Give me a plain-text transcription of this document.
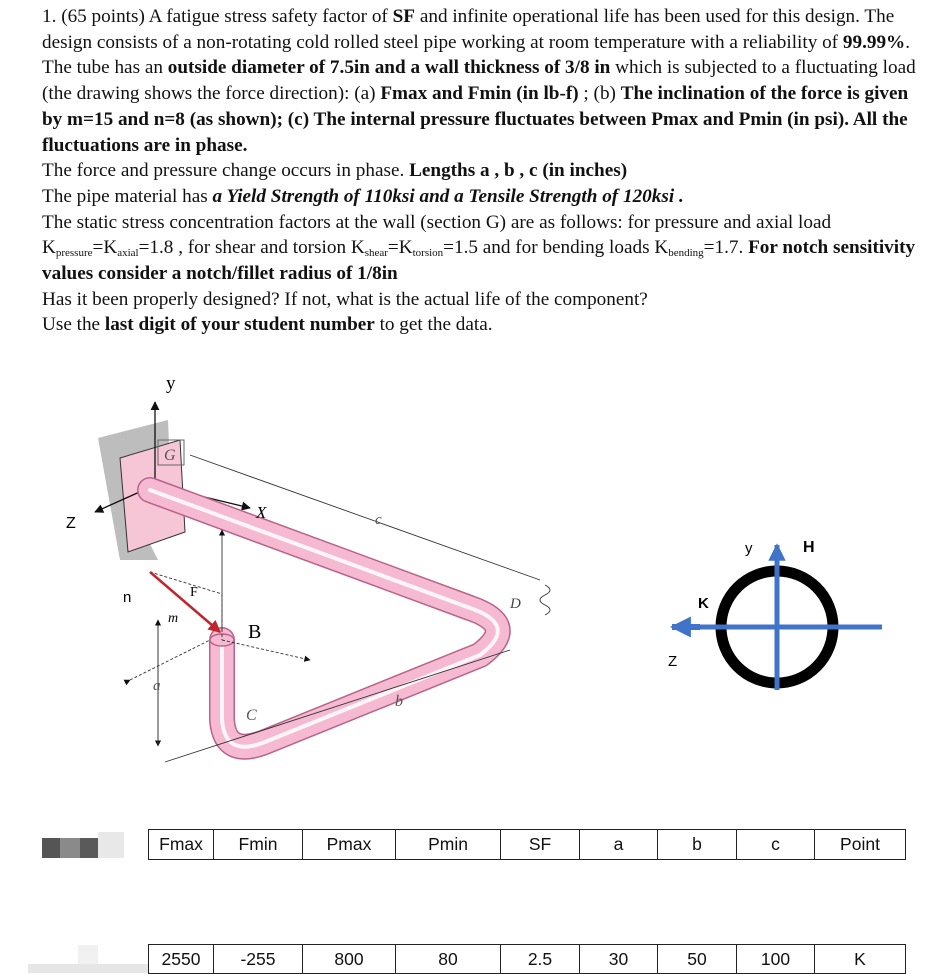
1. (65 points) A fatigue stress safety factor of SF and infinite operational life has been used for this design. The design consists of a non-rotating cold rolled steel pipe working at room temperature with a reliability of 99.99%. The tube has an outside diameter of 7.5in and a wall thickness of 3/8 in which is subjected to a fluctuating load (the drawing shows the force direction): (a) Fmax and Fmin (in lb-f) ; (b) The inclination of the force is given by m=15 and n=8 (as shown); (c) The internal pressure fluctuates between Pmax and Pmin (in psi). All the fluctuations are in phase.

The force and pressure change occurs in phase. Lengths a , b , c (in inches)

The pipe material has a Yield Strength of 110ksi and a Tensile Strength of 120ksi .

The static stress concentration factors at the wall (section G) are as follows: for pressure and axial load $K_{pressure}=K_{axial}=1.8$ , for shear and torsion $K_{shear}=K_{torsion}=1.5$ and for bending loads $K_{bending}=1.7$. For notch sensitivity values consider a notch/fillet radius of 1/8in

Has it been properly designed? If not, what is the actual life of the component?

Use the last digit of your student number to get the data.

y
Z
X
G
c
D
n	F
m
B
a
C
b
y	H
K
Z
Fmax	Fmin	Pmax	Pmin	SF	a	b	c	Point
2550	-255	800	80	2.5	30	50	100	K
